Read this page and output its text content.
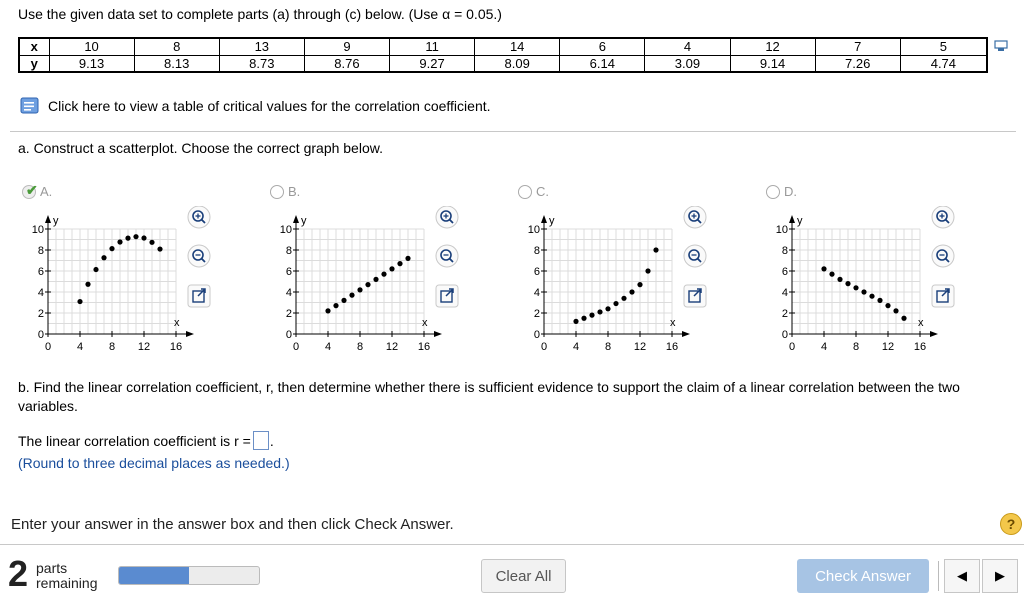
Use the given data set to complete parts (a) through (c) below. (Use α = 0.05.)
x	10	8	13	9	11	14	6	4	12	7	5
y	9.13	8.13	8.73	8.76	9.27	8.09	6.14	3.09	9.14	7.26	4.74
Click here to view a table of critical values for the correlation coefficient.
a. Construct a scatterplot. Choose the correct graph below.
✔ A.
y
x
10
8
6
4
2
0
0 4 8 12 16
B.
y
x
10
8
6
4
2
0
0 4 8 12 16
C.
y
x
10
8
6
4
2
0
0 4 8 12 16
D.
y
x
10
8
6
4
2
0
0 4 8 12 16
b. Find the linear correlation coefficient, r, then determine whether there is sufficient evidence to support the claim of a linear correlation between the two variables.
The linear correlation coefficient is r = .
(Round to three decimal places as needed.)
Enter your answer in the answer box and then click Check Answer.	?
2 parts
remaining	Clear All	Check Answer	◀ ▶
